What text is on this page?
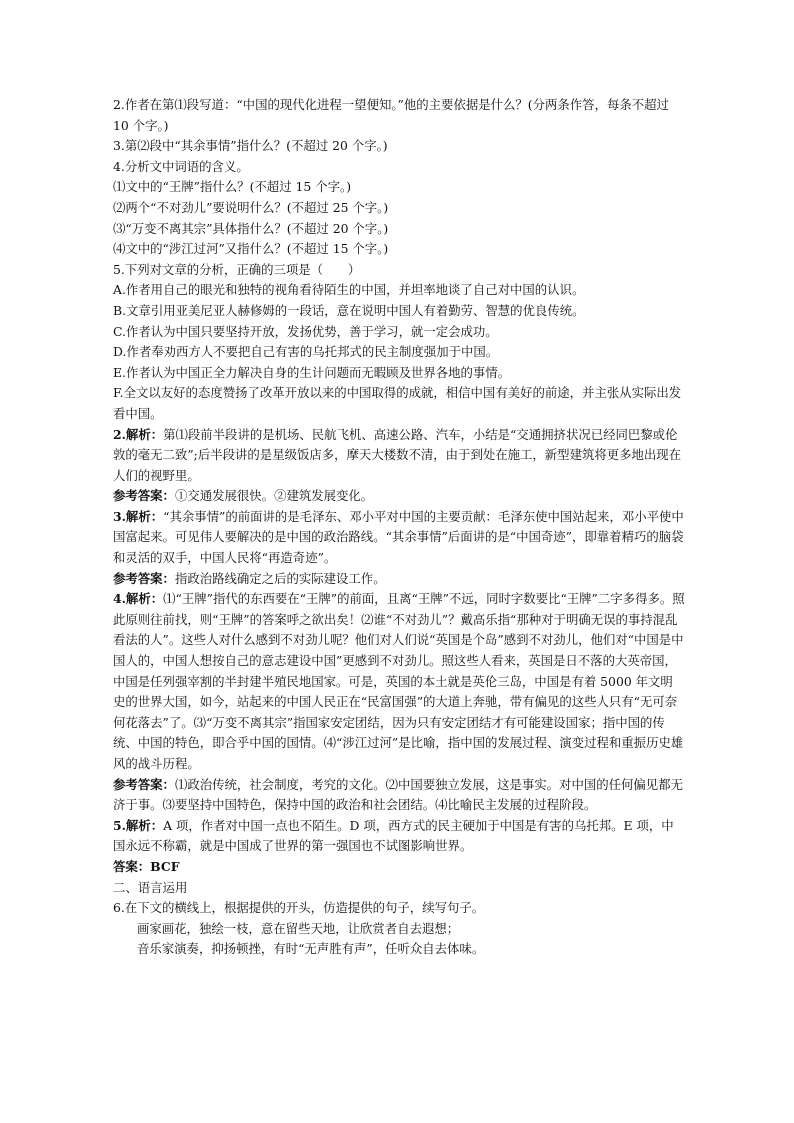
2.作者在第⑴段写道：“中国的现代化进程一望便知。”他的主要依据是什么？(分两条作答，每条不超过 10 个字。)

3.第⑵段中“其余事情”指什么？(不超过 20 个字。)

4.分析文中词语的含义。

⑴文中的“王牌”指什么？(不超过 15 个字。)

⑵两个“不对劲儿”要说明什么？(不超过 25 个字。)

⑶“万变不离其宗”具体指什么？(不超过 20 个字。)

⑷文中的“涉江过河”又指什么？(不超过 15 个字。)

5.下列对文章的分析，正确的三项是（　　）

A.作者用自己的眼光和独特的视角看待陌生的中国，并坦率地谈了自己对中国的认识。

B.文章引用亚美尼亚人赫修姆的一段话，意在说明中国人有着勤劳、智慧的优良传统。

C.作者认为中国只要坚持开放，发扬优势，善于学习，就一定会成功。

D.作者奉劝西方人不要把自己有害的乌托邦式的民主制度强加于中国。

E.作者认为中国正全力解决自身的生计问题而无暇顾及世界各地的事情。

F.全文以友好的态度赞扬了改革开放以来的中国取得的成就，相信中国有美好的前途，并主张从实际出发看中国。

2.解析：第⑴段前半段讲的是机场、民航飞机、高速公路、汽车，小结是“交通拥挤状况已经同巴黎或伦敦的毫无二致”;后半段讲的是星级饭店多，摩天大楼数不清，由于到处在施工，新型建筑将更多地出现在人们的视野里。

参考答案：①交通发展很快。②建筑发展变化。

3.解析：“其余事情”的前面讲的是毛泽东、邓小平对中国的主要贡献：毛泽东使中国站起来，邓小平使中国富起来。可见伟人要解决的是中国的政治路线。“其余事情”后面讲的是“中国奇迹”，即靠着精巧的脑袋和灵活的双手，中国人民将“再造奇迹”。

参考答案：指政治路线确定之后的实际建设工作。

4.解析：⑴“王牌”指代的东西要在“王牌”的前面，且离“王牌”不远，同时字数要比“王牌”二字多得多。照此原则往前找，则“王牌”的答案呼之欲出矣！⑵谁“不对劲儿”？戴高乐指“那种对于明确无误的事持混乱看法的人”。这些人对什么感到不对劲儿呢？他们对人们说“英国是个岛”感到不对劲儿，他们对“中国是中国人的，中国人想按自己的意志建设中国”更感到不对劲儿。照这些人看来，英国是日不落的大英帝国，中国是任列强宰割的半封建半殖民地国家。可是，英国的本土就是英伦三岛，中国是有着 5000 年文明史的世界大国，如今，站起来的中国人民正在“民富国强”的大道上奔驰，带有偏见的这些人只有“无可奈何花落去”了。⑶“万变不离其宗”指国家安定团结，因为只有安定团结才有可能建设国家；指中国的传统、中国的特色，即合乎中国的国情。⑷“涉江过河”是比喻，指中国的发展过程、演变过程和重振历史雄风的战斗历程。

参考答案：⑴政治传统，社会制度，考究的文化。⑵中国要独立发展，这是事实。对中国的任何偏见都无济于事。⑶要坚持中国特色，保持中国的政治和社会团结。⑷比喻民主发展的过程阶段。

5.解析：A 项，作者对中国一点也不陌生。D 项，西方式的民主硬加于中国是有害的乌托邦。E 项，中国永远不称霸，就是中国成了世界的第一强国也不试图影响世界。

答案：BCF

二、语言运用

6.在下文的横线上，根据提供的开头，仿造提供的句子，续写句子。

画家画花，独绘一枝，意在留些天地，让欣赏者自去遐想；

音乐家演奏，抑扬顿挫，有时“无声胜有声”，任听众自去体味。
